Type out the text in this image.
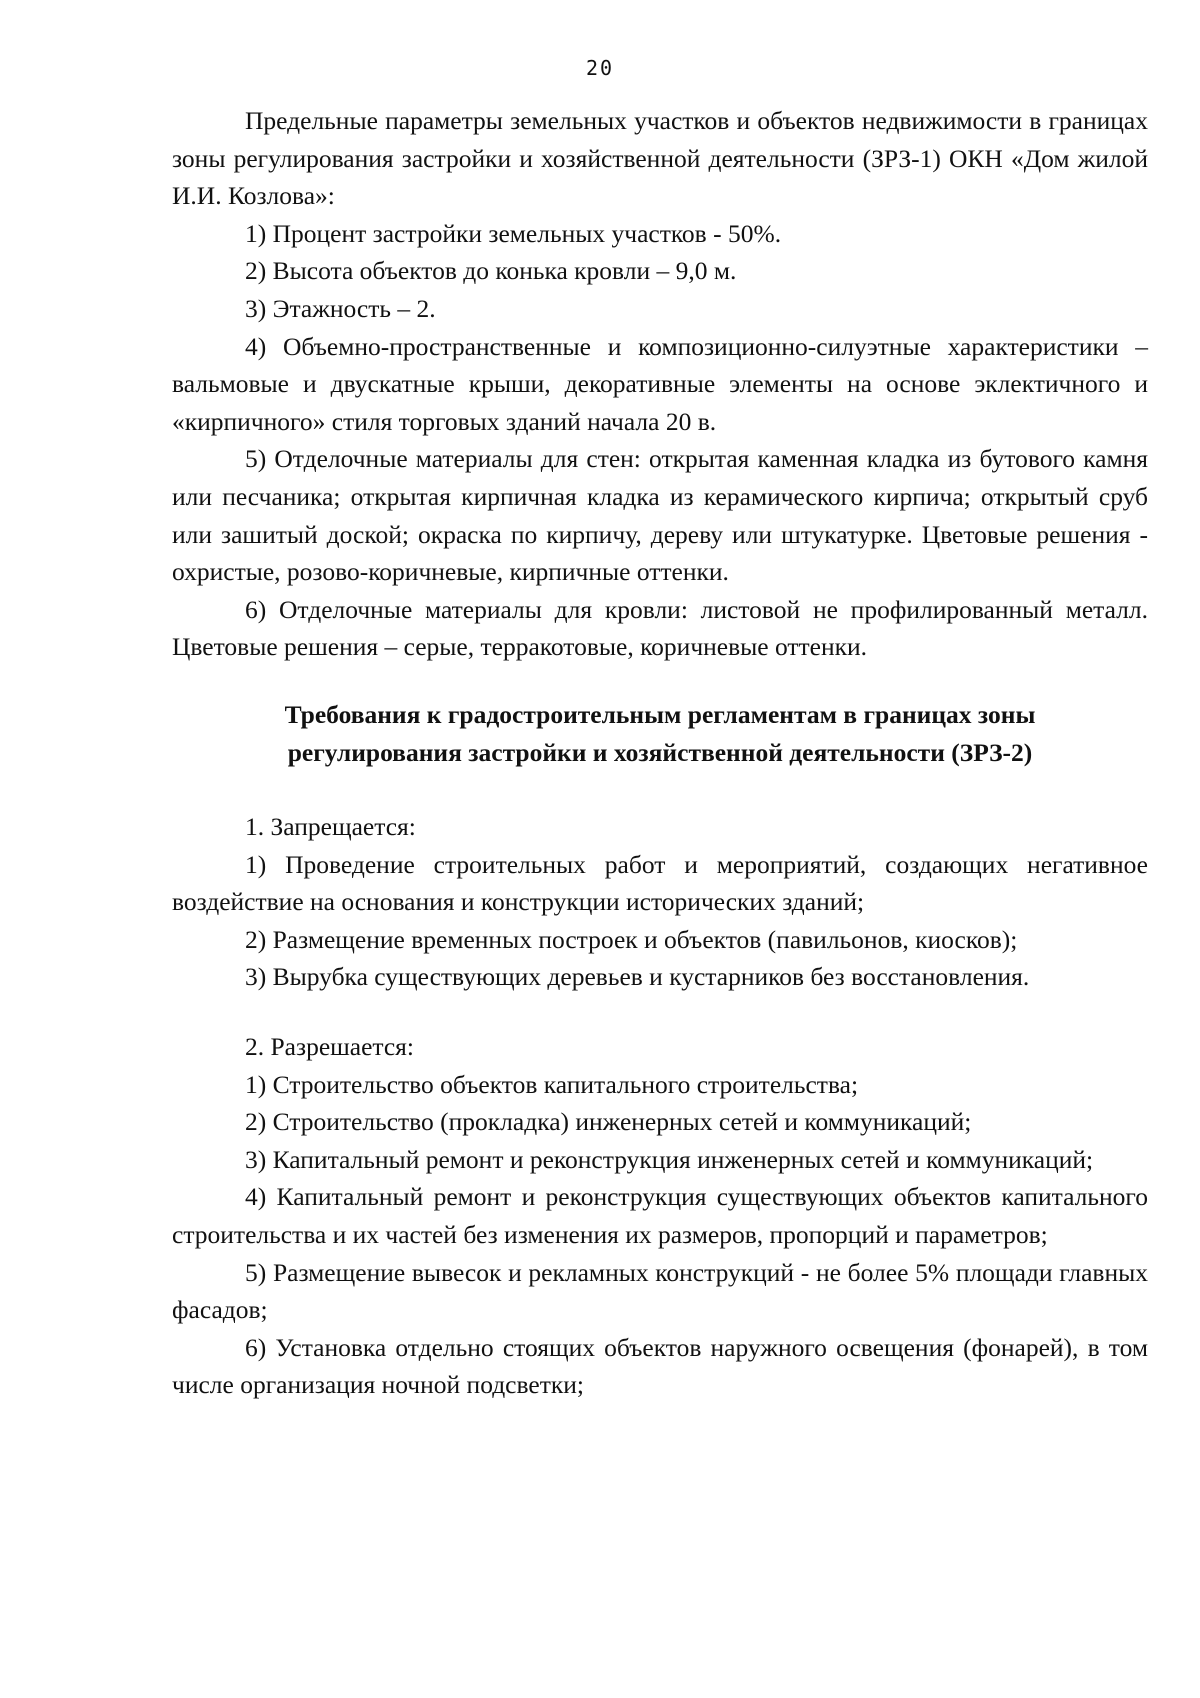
20

Предельные параметры земельных участков и объектов недвижимости в границах зоны регулирования застройки и хозяйственной деятельности (ЗРЗ-1) ОКН «Дом жилой И.И. Козлова»:

1) Процент застройки земельных участков - 50%.

2) Высота объектов до конька кровли – 9,0 м.

3) Этажность – 2.

4) Объемно-пространственные и композиционно-силуэтные характеристики – вальмовые и двускатные крыши, декоративные элементы на основе эклектичного и «кирпичного» стиля торговых зданий начала 20 в.

5) Отделочные материалы для стен: открытая каменная кладка из бутового камня или песчаника; открытая кирпичная кладка из керамического кирпича; открытый сруб или зашитый доской; окраска по кирпичу, дереву или штукатурке. Цветовые решения - охристые, розово-коричневые, кирпичные оттенки.

6) Отделочные материалы для кровли: листовой не профилированный металл. Цветовые решения – серые, терракотовые, коричневые оттенки.

Требования к градостроительным регламентам в границах зоны
регулирования застройки и хозяйственной деятельности (ЗРЗ-2)

1. Запрещается:

1) Проведение строительных работ и мероприятий, создающих негативное воздействие на основания и конструкции исторических зданий;

2) Размещение временных построек и объектов (павильонов, киосков);

3) Вырубка существующих деревьев и кустарников без восстановления.

2. Разрешается:

1) Строительство объектов капитального строительства;

2) Строительство (прокладка) инженерных сетей и коммуникаций;

3) Капитальный ремонт и реконструкция инженерных сетей и коммуникаций;

4) Капитальный ремонт и реконструкция существующих объектов капитального строительства и их частей без изменения их размеров, пропорций и параметров;

5) Размещение вывесок и рекламных конструкций - не более 5% площади главных фасадов;

6) Установка отдельно стоящих объектов наружного освещения (фонарей), в том числе организация ночной подсветки;
